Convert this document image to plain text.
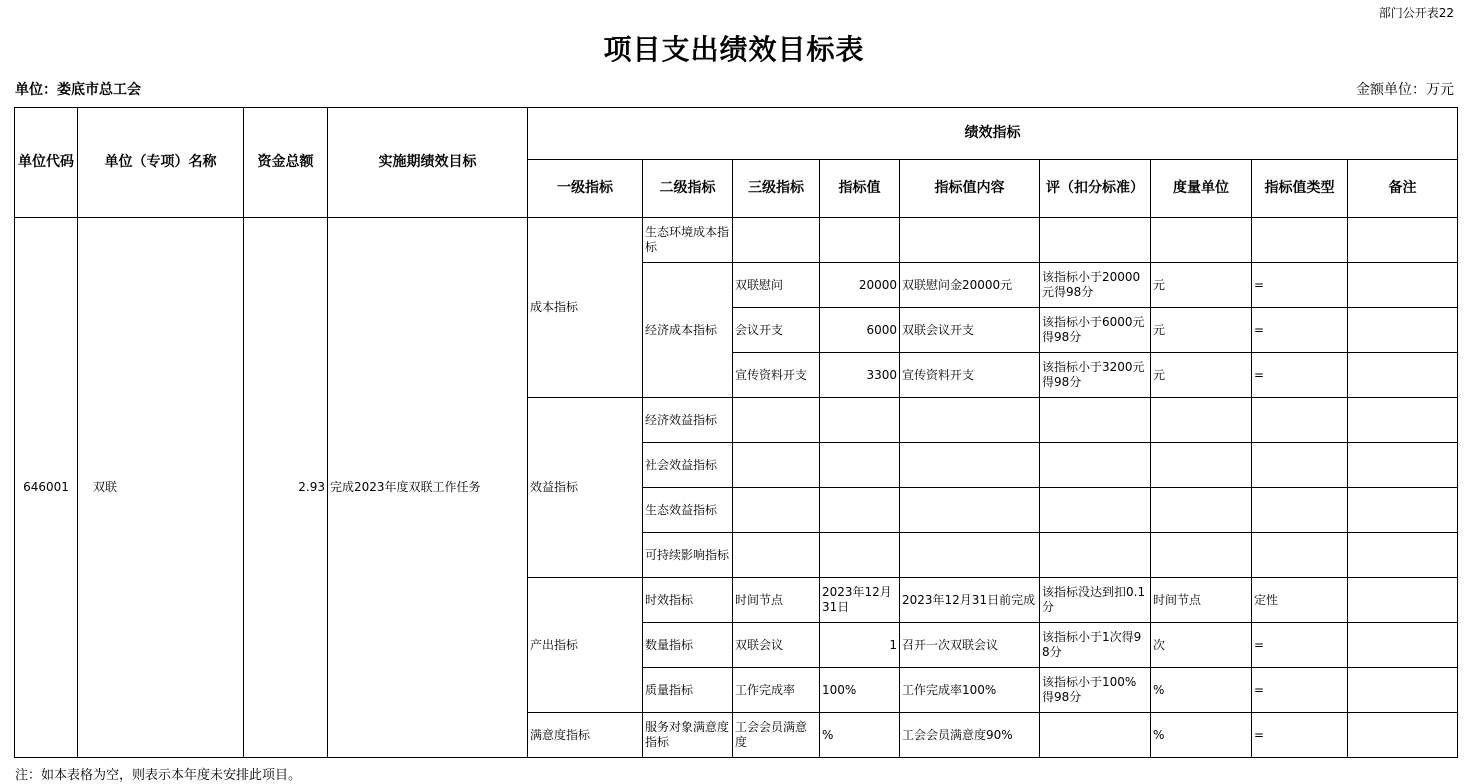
部门公开表22
项目支出绩效目标表
单位：娄底市总工会	金额单位：万元
单位代码	单位（专项）名称	资金总额	实施期绩效目标	绩效指标								
				一级指标	二级指标	三级指标	指标值	指标值内容	评（扣分标准）	度量单位	指标值类型	备注
646001	双联	2.93	完成2023年度双联工作任务	成本指标	生态环境成本指标							
					经济成本指标	双联慰问	20000	双联慰问金20000元	该指标小于20000元得98分	元	=	
						会议开支	6000	双联会议开支	该指标小于6000元得98分	元	=	
						宣传资料开支	3300	宣传资料开支	该指标小于3200元得98分	元	=	
				效益指标	经济效益指标							
					社会效益指标							
					生态效益指标							
					可持续影响指标							
				产出指标	时效指标	时间节点	2023年12月31日	2023年12月31日前完成	该指标没达到扣0.1分	时间节点	定性	
					数量指标	双联会议	1	召开一次双联会议	该指标小于1次得98分	次	=	
					质量指标	工作完成率	100%	工作完成率100%	该指标小于100%得98分	%	=	
				满意度指标	服务对象满意度指标	工会会员满意度	%	工会会员满意度90%		%	=	
注：如本表格为空，则表示本年度未安排此项目。
